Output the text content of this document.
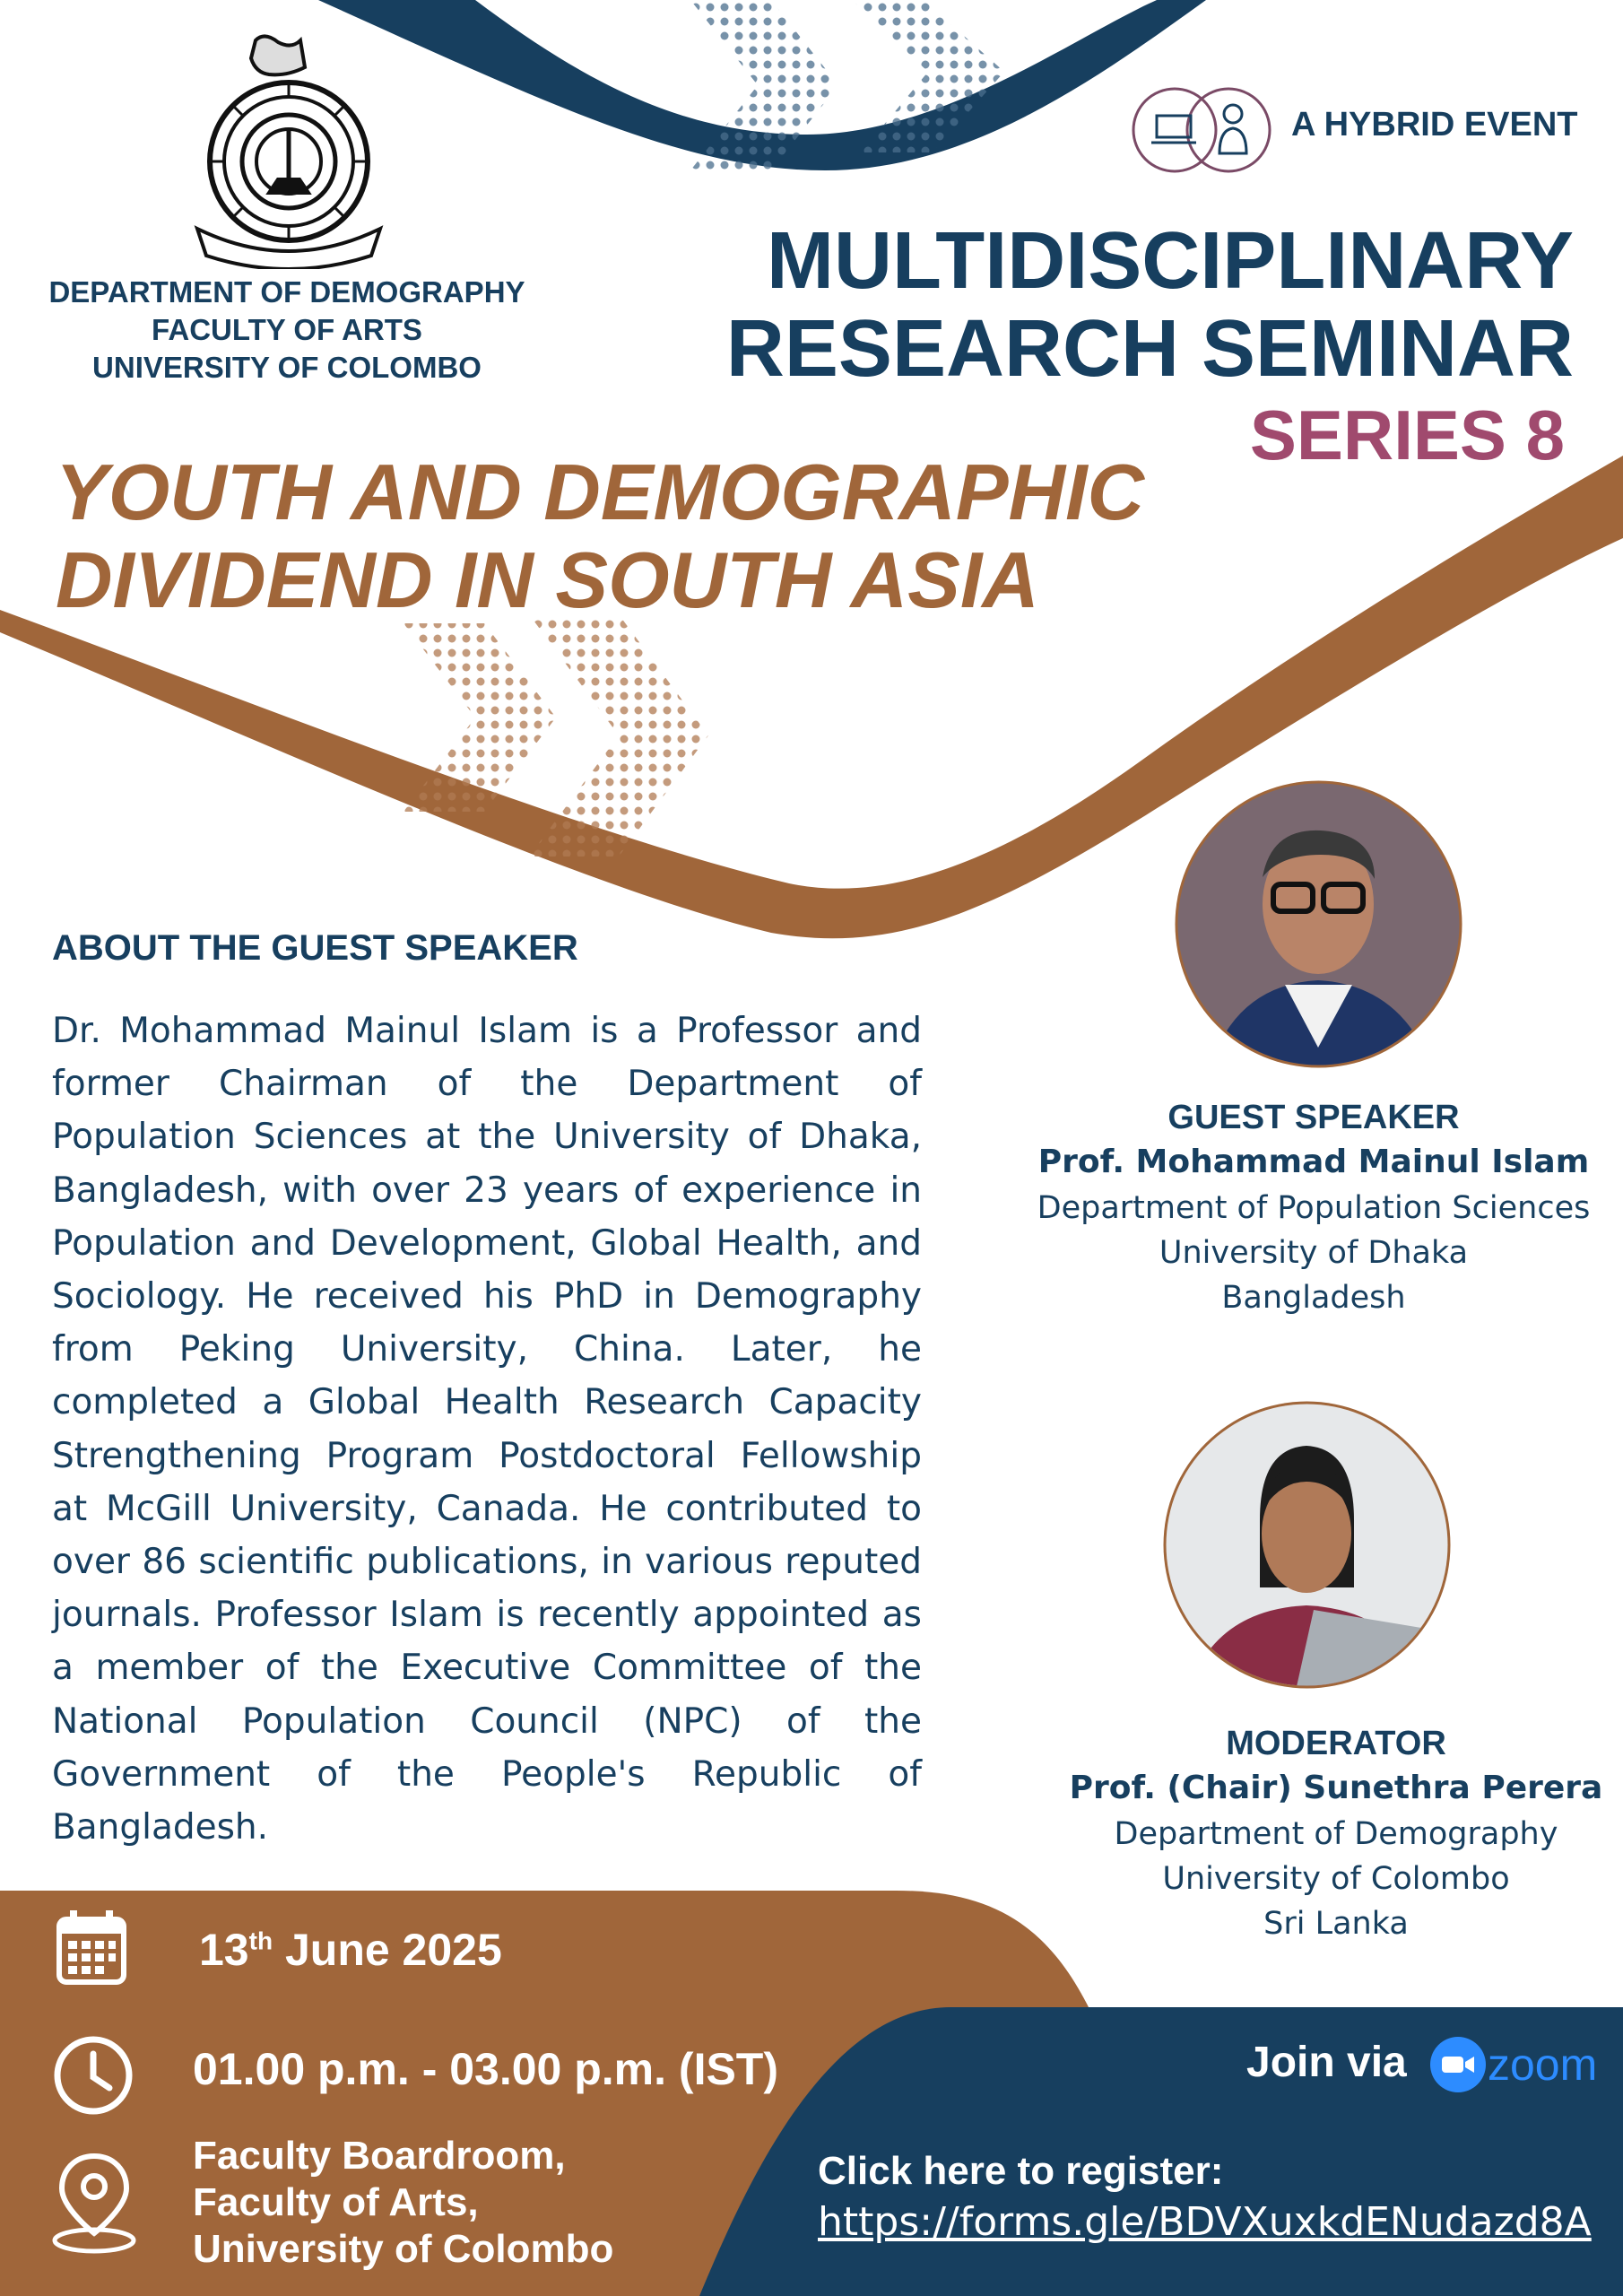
DEPARTMENT OF DEMOGRAPHY
FACULTY OF ARTS
UNIVERSITY OF COLOMBO
A HYBRID EVENT
MULTIDISCIPLINARY
RESEARCH SEMINAR
SERIES 8
YOUTH AND DEMOGRAPHIC
DIVIDEND IN SOUTH ASIA
ABOUT THE GUEST SPEAKER
Dr. Mohammad Mainul Islam is a Professor and former Chairman of the Department of Population Sciences at the University of Dhaka, Bangladesh, with over 23 years of experience in Population and Development, Global Health, and Sociology. He received his PhD in Demography from Peking University, China. Later, he completed a Global Health Research Capacity Strengthening Program Postdoctoral Fellowship at McGill University, Canada. He contributed to over 86 scientific publications, in various reputed journals. Professor Islam is recently appointed as a member of the Executive Committee of the National Population Council (NPC) of the Government of the People's Republic of Bangladesh.
GUEST SPEAKER
Prof. Mohammad Mainul Islam
Department of Population Sciences
University of Dhaka
Bangladesh
MODERATOR
Prof. (Chair) Sunethra Perera
Department of Demography
University of Colombo
Sri Lanka
13th June 2025
01.00 p.m. - 03.00 p.m. (IST)
Faculty Boardroom,
Faculty of Arts,
University of Colombo
Join via zoom
Click here to register:
https://forms.gle/BDVXuxkdENudazd8A
